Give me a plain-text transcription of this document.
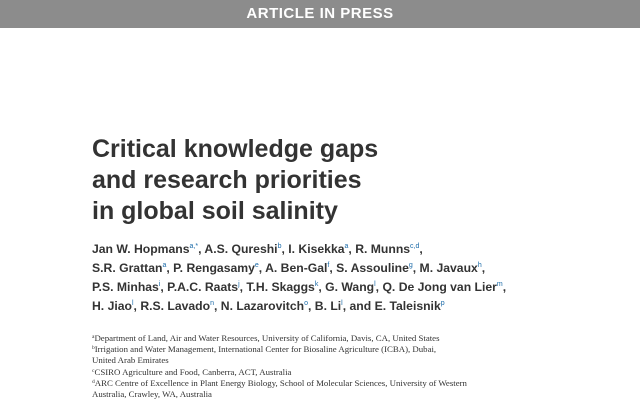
ARTICLE IN PRESS
Critical knowledge gaps
and research priorities
in global soil salinity
Jan W. Hopmans$^{a,*}$, A.S. Qureshi$^b$, I. Kisekka$^a$, R. Munns$^{c,d}$,
S.R. Grattan$^a$, P. Rengasamy$^e$, A. Ben-Gal$^f$, S. Assouline$^g$, M. Javaux$^h$,
P.S. Minhas$^i$, P.A.C. Raats$^j$, T.H. Skaggs$^k$, G. Wang$^l$, Q. De Jong van Lier$^m$,
H. Jiao$^l$, R.S. Lavado$^n$, N. Lazarovitch$^o$, B. Li$^l$, and E. Taleisnik$^p$
$^a$Department of Land, Air and Water Resources, University of California, Davis, CA, United States
$^b$Irrigation and Water Management, International Center for Biosaline Agriculture (ICBA), Dubai,
United Arab Emirates
$^c$CSIRO Agriculture and Food, Canberra, ACT, Australia
$^d$ARC Centre of Excellence in Plant Energy Biology, School of Molecular Sciences, University of Western
Australia, Crawley, WA, Australia
